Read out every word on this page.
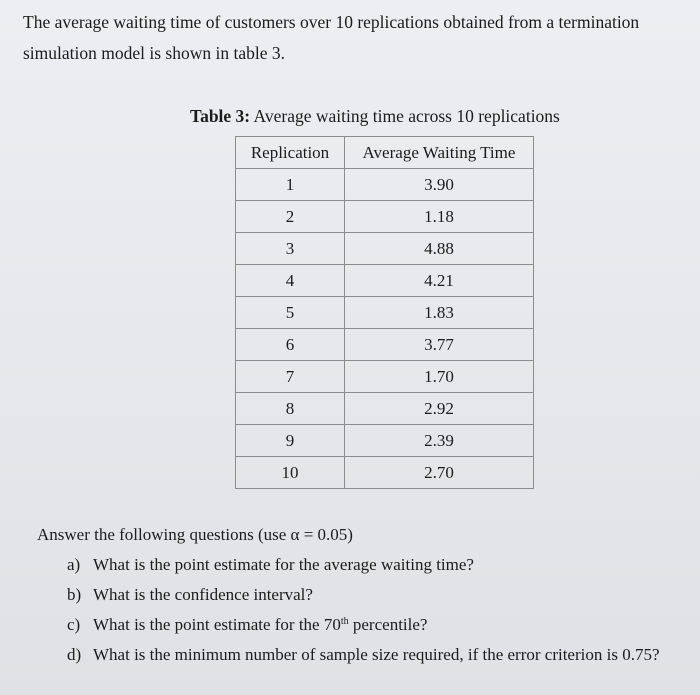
The average waiting time of customers over 10 replications obtained from a termination simulation model is shown in table 3.

Table 3: Average waiting time across 10 replications

Replication	Average Waiting Time
1	3.90
2	1.18
3	4.88
4	4.21
5	1.83
6	3.77
7	1.70
8	2.92
9	2.39
10	2.70

Answer the following questions (use α = 0.05)

a) What is the point estimate for the average waiting time?
b) What is the confidence interval?
c) What is the point estimate for the 70th percentile?
d) What is the minimum number of sample size required, if the error criterion is 0.75?
